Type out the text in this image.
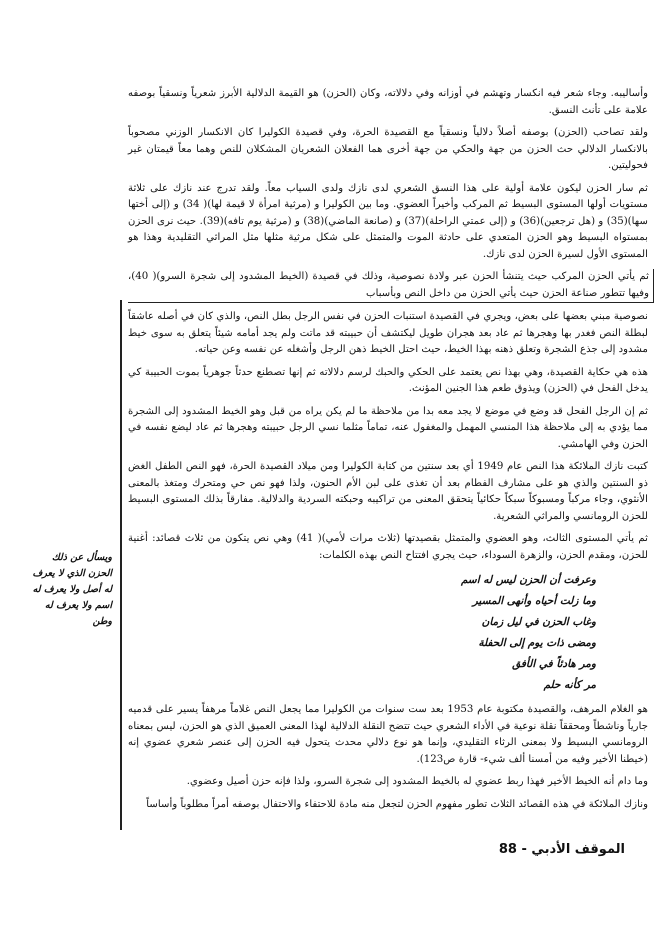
وأساليبه. وجاء شعر فيه انكسار وتهشم في أوزانه وفي دلالاته، وكان (الحزن) هو القيمة الدلالية الأبرز شعرياً ونسقياً بوصفه علامة على تأنث النسق.

ولقد تصاحب (الحزن) بوصفه أصلاً دلالياً ونسقياً مع القصيدة الحرة، وفي قصيدة الكوليرا كان الانكسار الوزني مصحوباً بالانكسار الدلالي حث الحزن من جهة والحكي من جهة أخرى هما الفعلان الشعريان المشكلان للنص وهما معاً قيمتان غير فحوليتين.

ثم سار الحزن ليكون علامة أولية على هذا النسق الشعري لدى نازك ولدى السياب معاً. ولقد تدرج عند نازك على ثلاثة مستويات أولها المستوى البسيط ثم المركب وأخيراً العضوي. وما بين الكوليرا و (مرثية امرأة لا قيمة لها)( 34) و (إلى أختها سها)(35) و (هل ترجعين)(36) و (إلى عمتي الراحلة)(37) و (صانعة الماضي)(38) و (مرثية يوم تافه)(39). حيث نرى الحزن بمستواه البسيط وهو الحزن المتعدي على حادثة الموت والمتمثل على شكل مرثية مثلها مثل المراثي التقليدية وهذا هو المستوى الأول لسيرة الحزن لدى نازك.

ثم يأتي الحزن المركب حيث يتنشأ الحزن عبر ولادة نصوصية، وذلك في قصيدة (الخيط المشدود إلى شجرة السرو)( 40)، وفيها تتطور صناعة الحزن حيث يأتي الحزن من داخل النص وبأسباب

نصوصية مبني بعضها على بعض، ويجري في القصيدة استنبات الحزن في نفس الرجل بطل النص، والذي كان في أصله عاشقاً لبطلة النص فغدر بها وهجرها ثم عاد بعد هجران طويل ليكتشف أن حبيبته قد ماتت ولم يجد أمامه شيئاً يتعلق به سوى خيط مشدود إلى جذع الشجرة وتعلق ذهنه بهذا الخيط، حيث احتل الخيط ذهن الرجل وأشغله عن نفسه وعن حياته.

هذه هي حكاية القصيدة، وهي بهذا نص يعتمد على الحكي والحبك لرسم دلالاته ثم إنها تصطنع حدثاً جوهرياً بموت الحبيبة كي يدخل الفحل في (الحزن) ويذوق طعم هذا الجنين المؤنث.

ثم إن الرجل الفحل قد وضع في موضع لا يجد معه بدا من ملاحظة ما لم يكن يراه من قبل وهو الخيط المشدود إلى الشجرة مما يؤدي به إلى ملاحظة هذا المنسي المهمل والمغفول عنه، تماماً مثلما نسي الرجل حبيبته وهجرها ثم عاد ليضع نفسه في الحزن وفي الهامشي.

كتبت نازك الملائكة هذا النص عام 1949 أي بعد سنتين من كتابة الكوليرا ومن ميلاد القصيدة الحرة، فهو النص الطفل الغض ذو السنتين والذي هو على مشارف الفطام بعد أن تغذى على لبن الأم الحنون، ولذا فهو نص حي ومتحرك ومتغذ بالمعنى الأنثوي، وجاء مركباً ومسبوكاً سبكاً حكائياً يتحقق المعنى من تراكيبه وحبكته السردية والدلالية. مفارقاً بذلك المستوى البسيط للحزن الرومانسي والمراثي الشعرية.

ثم يأتي المستوى الثالث، وهو العضوي والمتمثل بقصيدتها (ثلاث مرات لأمي)( 41) وهي نص يتكون من ثلاث قصائد: أغنية للحزن، ومقدم الحزن، والزهرة السوداء، حيث يجري افتتاح النص بهذه الكلمات:

وعرفت أن الحزن ليس له اسم
وما زلت أحياه وأنهى المسير
وغاب الحزن في ليل زمان
ومضى ذات يوم إلى الحفلة
ومر هادئاً في الأفق
مر كأنه حلم

هو الغلام المرهف، والقصيدة مكتوبة عام 1953 بعد ست سنوات من الكوليرا مما يجعل النص غلاماً مرهفاً يسير على قدميه جارياً وناشطاً ومحققاً نقلة نوعية في الأداء الشعري حيث تتضح النقلة الدلالية لهذا المعنى العميق الذي هو الحزن، ليس بمعناه الرومانسي البسيط ولا بمعنى الرثاء التقليدي، وإنما هو نوع دلالي محدث يتحول فيه الحزن إلى عنصر شعري عضوي إنه (خيطنا الأخير وفيه من أمسنا ألف شيء- قارة ص123).

وما دام أنه الخيط الأخير فهذا ربط عضوي له بالخيط المشدود إلى شجرة السرو، ولذا فإنه حزن أصيل وعضوي.

ونازك الملائكة في هذه القصائد الثلاث تطور مفهوم الحزن لتجعل منه مادة للاحتفاء والاحتفال بوصفه أمراً مطلوباً وأساساً

ويسأل عن ذلك الحزن الذي لا يعرف له أصل ولا يعرف له اسم ولا يعرف له وطن
الموقف الأدبي - 88
